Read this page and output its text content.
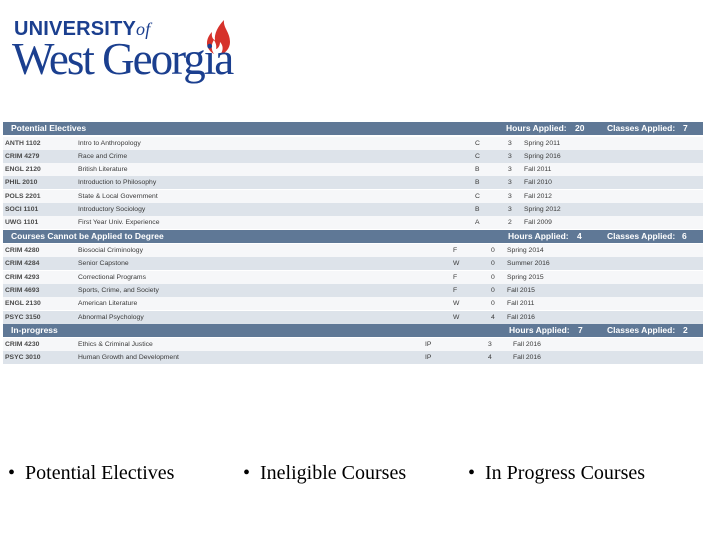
UNIVERSITYof
West Georgia
Potential Electives	Hours Applied: 20	Classes Applied: 7
ANTH 1102	Intro to Anthropology	C	3 Spring 2011
CRIM 4279	Race and Crime	C	3 Spring 2016
ENGL 2120	British Literature	B	3 Fall 2011
PHIL 2010	Introduction to Philosophy	B	3 Fall 2010
POLS 2201	State & Local Government	C	3 Fall 2012
SOCI 1101	Introductory Sociology	B	3 Spring 2012
UWG 1101	First Year Univ. Experience	A	2 Fall 2009
Courses Cannot be Applied to Degree	Hours Applied: 4	Classes Applied: 6
CRIM 4280	Biosocial Criminology	F	0 Spring 2014
CRIM 4284	Senior Capstone	W	0 Summer 2016
CRIM 4293	Correctional Programs	F	0 Spring 2015
CRIM 4693	Sports, Crime, and Society	F	0 Fall 2015
ENGL 2130	American Literature	W	0 Fall 2011
PSYC 3150	Abnormal Psychology	W	4 Fall 2016
In-progress	Hours Applied: 7	Classes Applied: 2
CRIM 4230	Ethics & Criminal Justice	IP	3	Fall 2016
PSYC 3010	Human Growth and Development	IP	4	Fall 2016
•  Potential Electives	•  Ineligible Courses	•  In Progress Courses
